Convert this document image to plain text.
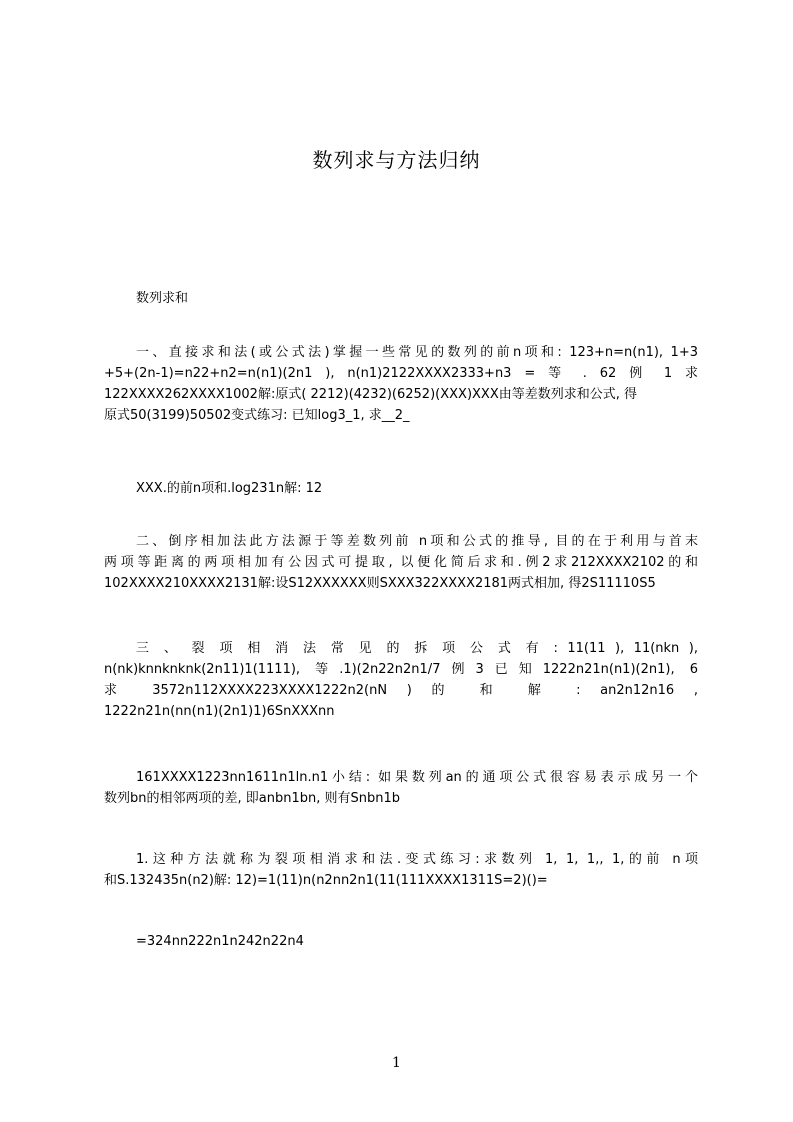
数列求与方法归纳
数列求和
一、直接求和法(或公式法)掌握一些常见的数列的前n项和: 123+n=n(n1), 1+3
+5+(2n-1)=n22+n2=n(n1)(2n1 ), n(n1)2122XXXX2333+n3 = 等 . 62 例 1 求
122XXXX262XXXX1002解:原式( 2212)(4232)(6252)(XXX)XXX由等差数列求和公式, 得
原式50(3199)50502变式练习: 已知log3_1, 求__2_
XXX.的前n项和.log231n解: 12
二、倒序相加法此方法源于等差数列前 n项和公式的推导, 目的在于利用与首末
两项等距离的两项相加有公因式可提取, 以便化简后求和.例2求212XXXX2102的和
102XXXX210XXXX2131解:设S12XXXXXX则SXXX322XXXX2181两式相加, 得2S11110S5
三 、 裂 项 相 消 法 常 见 的 拆 项 公 式 有 : 11(11 ), 11(nkn ),
n(nk)knnknknk(2n11)1(1111), 等.1)(2n22n2n1/7例3已知1222n21n(n1)(2n1), 6
求 3572n112XXXX223XXXX1222n2(nN ) 的 和 解 : an2n12n16 ,
1222n21n(nn(n1)(2n1)1)6SnXXXnn
161XXXX1223nn1611n1ln.n1小结: 如果数列an的通项公式很容易表示成另一个
数列bn的相邻两项的差, 即anbn1bn, 则有Snbn1b
1.这种方法就称为裂项相消求和法.变式练习:求数列 1, 1, 1,, 1,的前 n项
和S.132435n(n2)解: 12)=1(11)n(n2nn2n1(11(111XXXX1311S=2)()=
=324nn222n1n242n22n4
1
